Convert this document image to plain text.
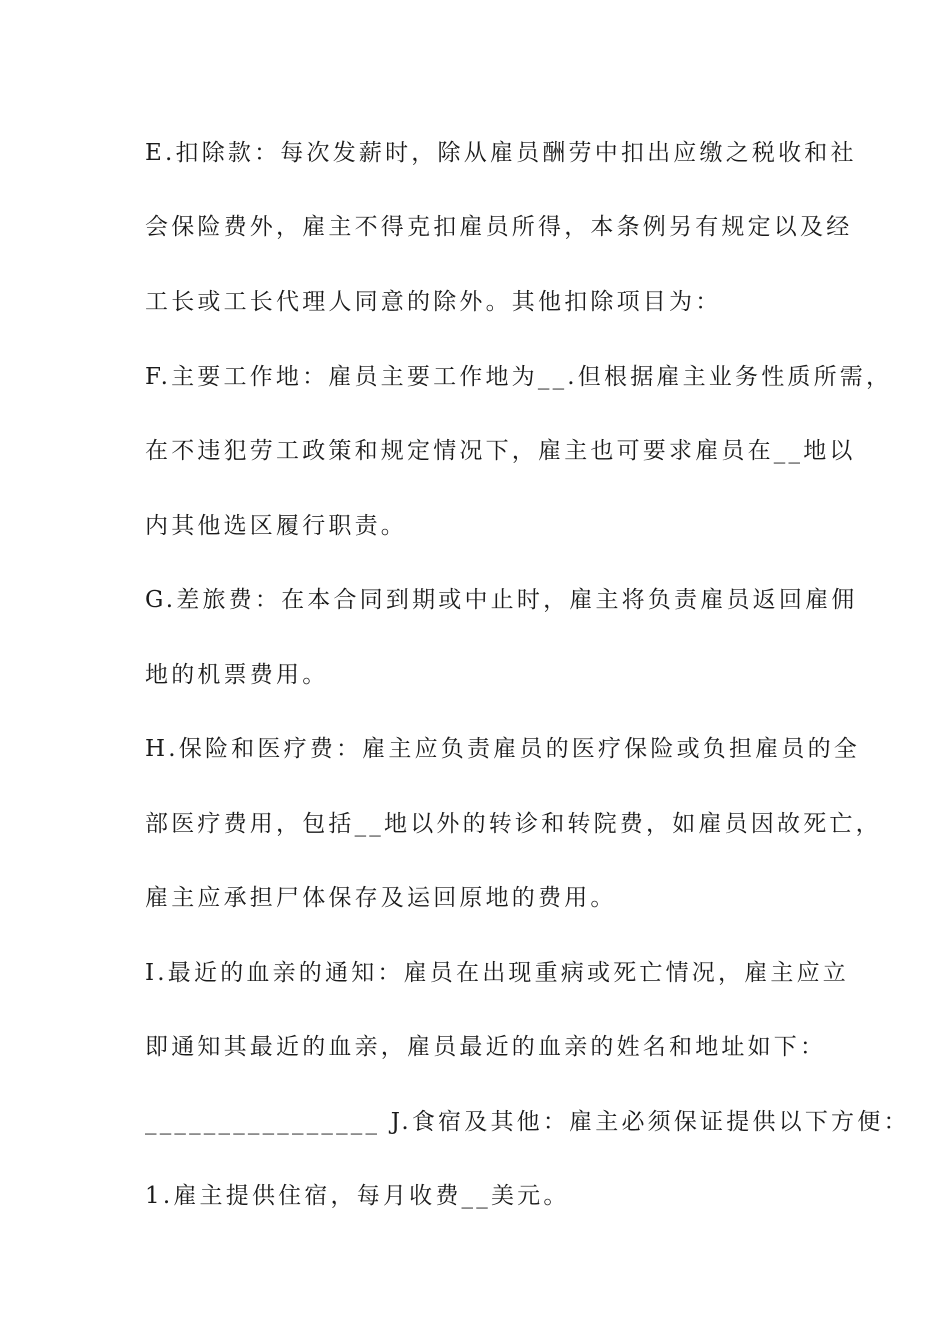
E.扣除款：每次发薪时，除从雇员酬劳中扣出应缴之税收和社
会保险费外，雇主不得克扣雇员所得，本条例另有规定以及经
工长或工长代理人同意的除外。其他扣除项目为：
F.主要工作地：雇员主要工作地为__.但根据雇主业务性质所需，
在不违犯劳工政策和规定情况下，雇主也可要求雇员在__地以
内其他选区履行职责。
G.差旅费：在本合同到期或中止时，雇主将负责雇员返回雇佣
地的机票费用。
H.保险和医疗费：雇主应负责雇员的医疗保险或负担雇员的全
部医疗费用，包括__地以外的转诊和转院费，如雇员因故死亡，
雇主应承担尸体保存及运回原地的费用。
I.最近的血亲的通知：雇员在出现重病或死亡情况，雇主应立
即通知其最近的血亲，雇员最近的血亲的姓名和地址如下：
________________ J.食宿及其他：雇主必须保证提供以下方便：
1.雇主提供住宿，每月收费__美元。
